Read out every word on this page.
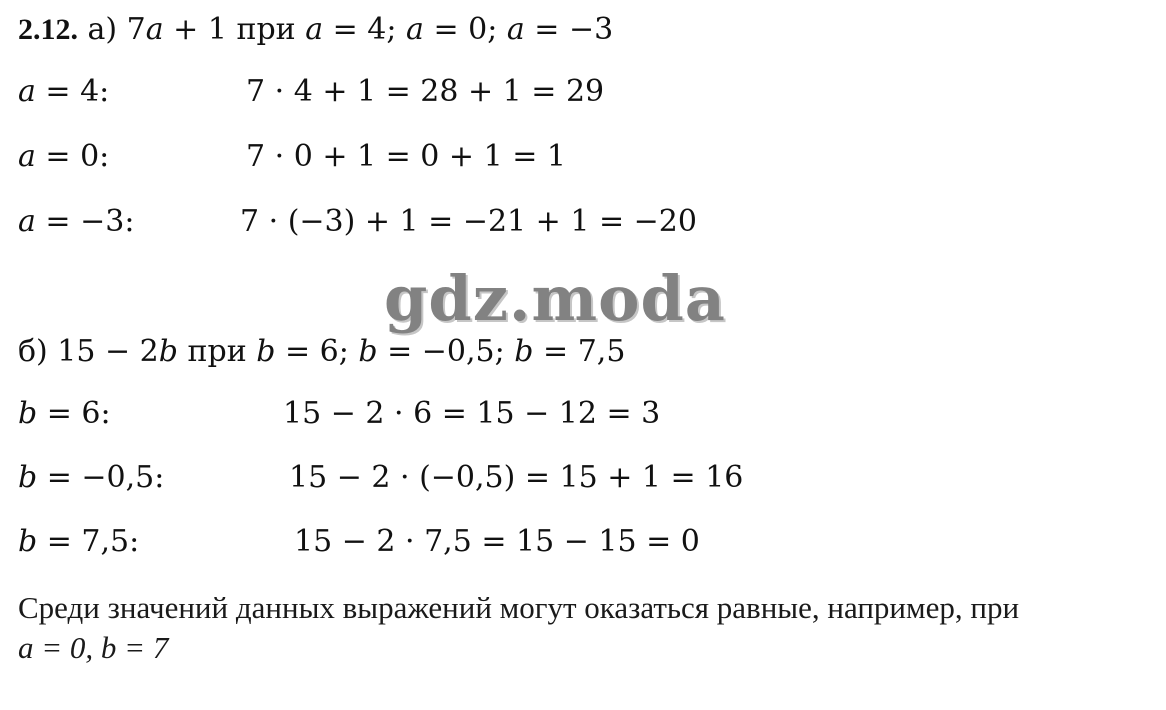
2.12. а) 7𝑎 + 1 при 𝑎 = 4; 𝑎 = 0; 𝑎 = −3
𝑎 = 4:	7 · 4 + 1 = 28 + 1 = 29
𝑎 = 0:	7 · 0 + 1 = 0 + 1 = 1
𝑎 = −3:	7 · (−3) + 1 = −21 + 1 = −20
gdz.moda
б) 15 − 2𝑏 при 𝑏 = 6; 𝑏 = −0,5; 𝑏 = 7,5
𝑏 = 6:	15 − 2 · 6 = 15 − 12 = 3
𝑏 = −0,5:	15 − 2 · (−0,5) = 15 + 1 = 16
𝑏 = 7,5:	15 − 2 · 7,5 = 15 − 15 = 0
Среди значений данных выражений могут оказаться равные, например, при
a = 0, b = 7
